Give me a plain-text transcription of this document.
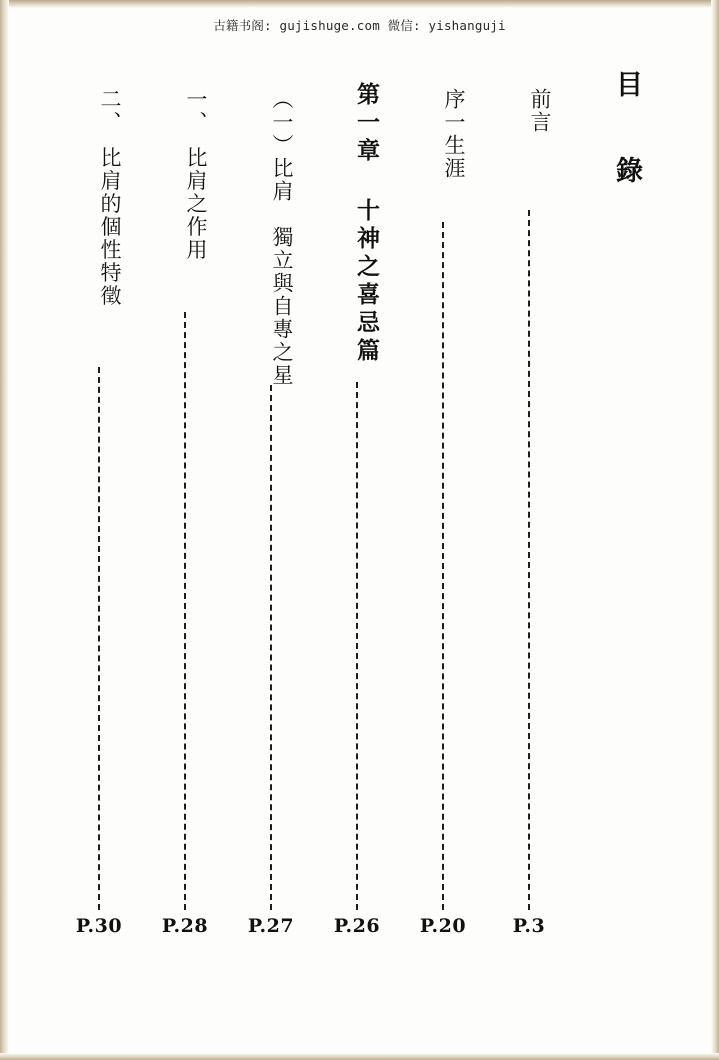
古籍书阁: gujishuge.com 微信: yishanguji
目 錄
前言
P.3
序一生涯
P.20
第一章 十神之喜忌篇
P.26
（一）比肩　獨立與自專之星
P.27
一、　比肩之作用
P.28
二、　比肩的個性特徵
P.30
